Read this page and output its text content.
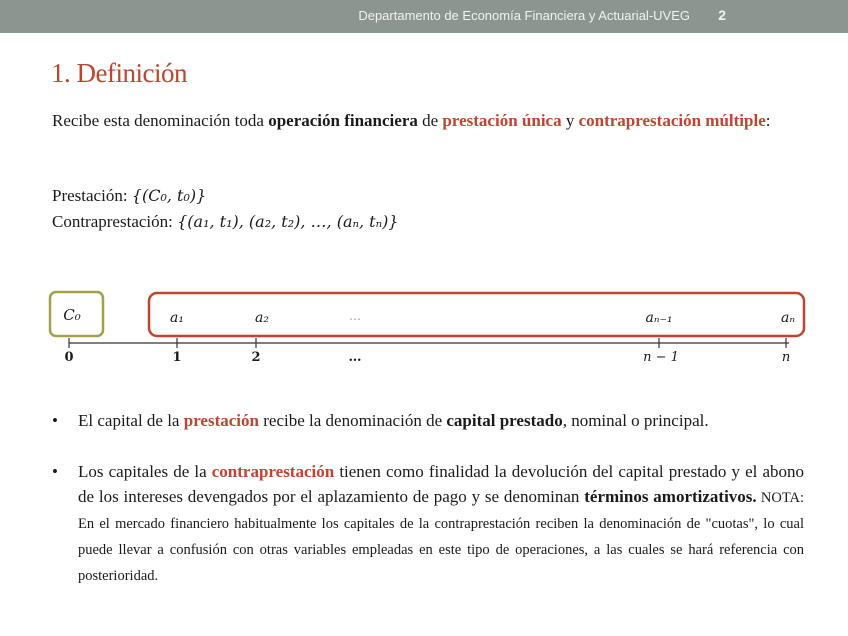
Departamento de Economía Financiera y Actuarial-UVEG 2
1. Definición
Recibe esta denominación toda operación financiera de prestación única y contraprestación múltiple:
Prestación: {(C₀, t₀)}
Contraprestación: {(a₁, t₁), (a₂, t₂), …, (aₙ, tₙ)}
C₀	a₁	a₂	…	aₙ₋₁	aₙ
0	1	2	…	n − 1	n
• El capital de la prestación recibe la denominación de capital prestado, nominal o principal.
• Los capitales de la contraprestación tienen como finalidad la devolución del capital prestado y el abono de los intereses devengados por el aplazamiento de pago y se denominan términos amortizativos. NOTA: En el mercado financiero habitualmente los capitales de la contraprestación reciben la denominación de "cuotas", lo cual puede llevar a confusión con otras variables empleadas en este tipo de operaciones, a las cuales se hará referencia con posterioridad.
